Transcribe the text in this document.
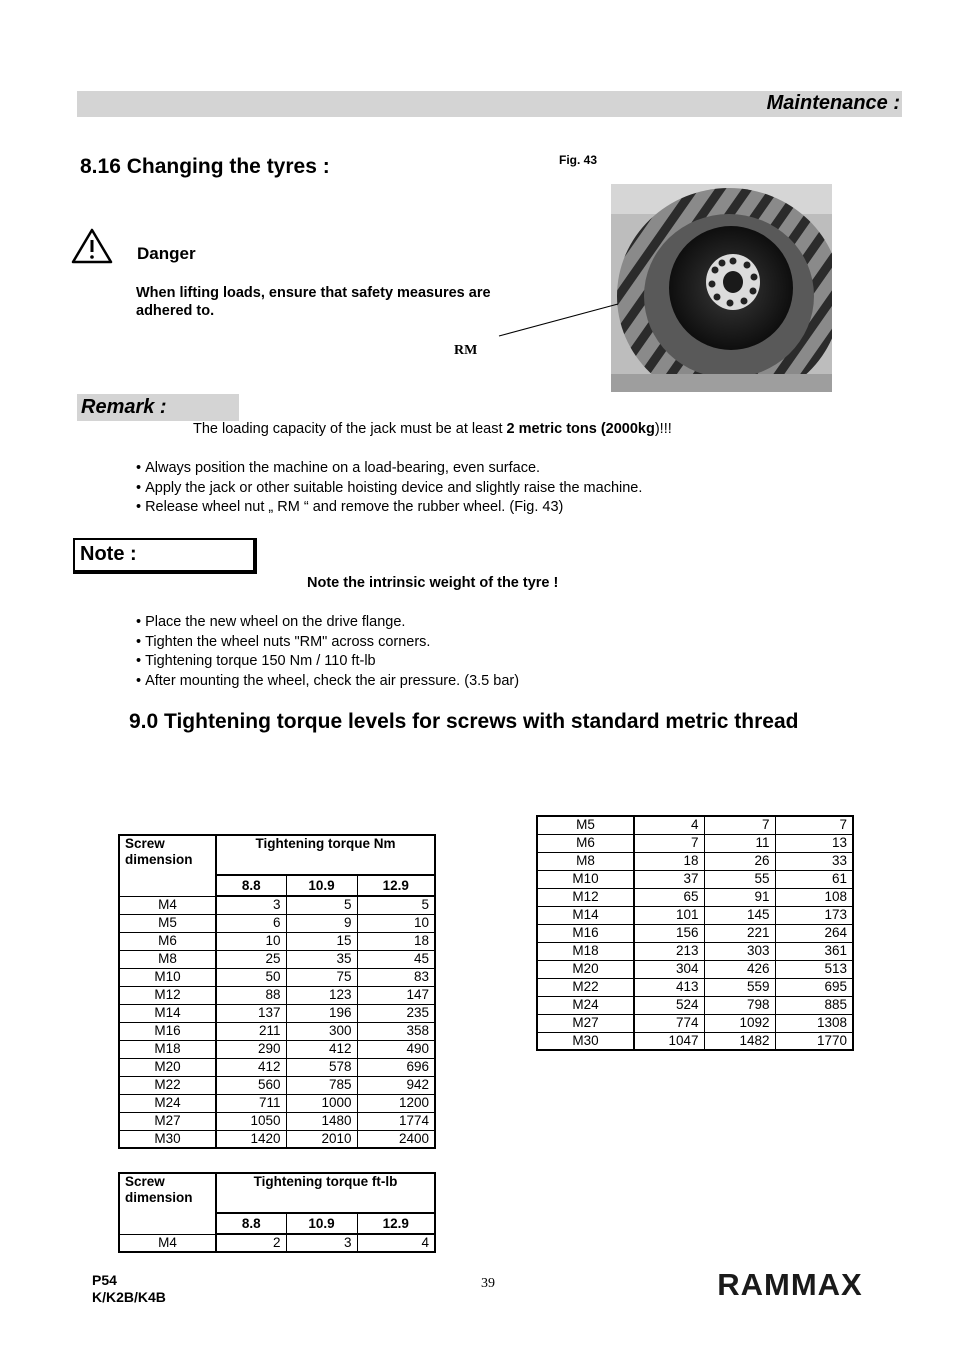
Maintenance :
8.16 Changing the tyres :	Fig. 43
Danger
When lifting loads, ensure that safety measures are adhered to.
RM
Remark :
The loading capacity of the jack must be at least 2 metric tons (2000kg)!!!
• Always position the machine on a load-bearing, even surface.
• Apply the jack or other suitable hoisting device and slightly raise the machine.
• Release wheel nut „ RM “ and remove the rubber wheel. (Fig. 43)
Note :
Note the intrinsic weight of the tyre !
• Place the new wheel on the drive flange.
• Tighten the wheel nuts "RM" across corners.
• Tightening torque 150 Nm / 110 ft-lb
• After mounting the wheel, check the air pressure. (3.5 bar)
9.0 Tightening torque levels for screws with standard metric thread
Screw dimension	Tightening torque Nm		
	8.8	10.9	12.9
M4	3	5	5
M5	6	9	10
M6	10	15	18
M8	25	35	45
M10	50	75	83
M12	88	123	147
M14	137	196	235
M16	211	300	358
M18	290	412	490
M20	412	578	696
M22	560	785	942
M24	711	1000	1200
M27	1050	1480	1774
M30	1420	2010	2400
M5	4	7	7
M6	7	11	13
M8	18	26	33
M10	37	55	61
M12	65	91	108
M14	101	145	173
M16	156	221	264
M18	213	303	361
M20	304	426	513
M22	413	559	695
M24	524	798	885
M27	774	1092	1308
M30	1047	1482	1770
Screw dimension	Tightening torque ft-lb		
	8.8	10.9	12.9
M4	2	3	4
P54
K/K2B/K4B
39	RAMMAX
